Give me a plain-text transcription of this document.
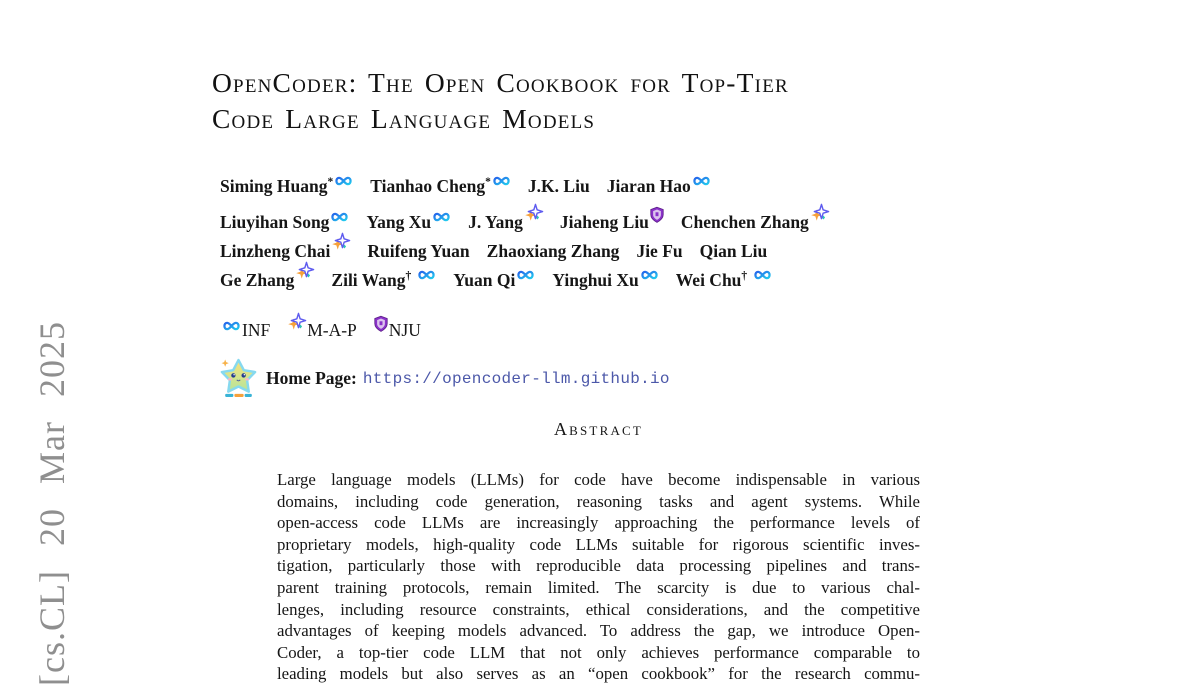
[cs.CL] 20 Mar 2025
OpenCoder: The Open Cookbook for Top-Tier
Code Large Language Models
Siming Huang* Tianhao Cheng* J.K. Liu Jiaran Hao
Liuyihan Song Yang Xu J. Yang Jiaheng Liu Chenchen Zhang
Linzheng Chai Ruifeng Yuan Zhaoxiang Zhang Jie Fu Qian Liu
Ge Zhang Zili Wang† Yuan Qi Yinghui Xu Wei Chu†
INF M-A-P NJU
Home Page: https://opencoder-llm.github.io
Abstract
Large language models (LLMs) for code have become indispensable in various
domains, including code generation, reasoning tasks and agent systems. While
open-access code LLMs are increasingly approaching the performance levels of
proprietary models, high-quality code LLMs suitable for rigorous scientific inves-
tigation, particularly those with reproducible data processing pipelines and trans-
parent training protocols, remain limited. The scarcity is due to various chal-
lenges, including resource constraints, ethical considerations, and the competitive
advantages of keeping models advanced. To address the gap, we introduce Open-
Coder, a top-tier code LLM that not only achieves performance comparable to
leading models but also serves as an “open cookbook” for the research commu-
